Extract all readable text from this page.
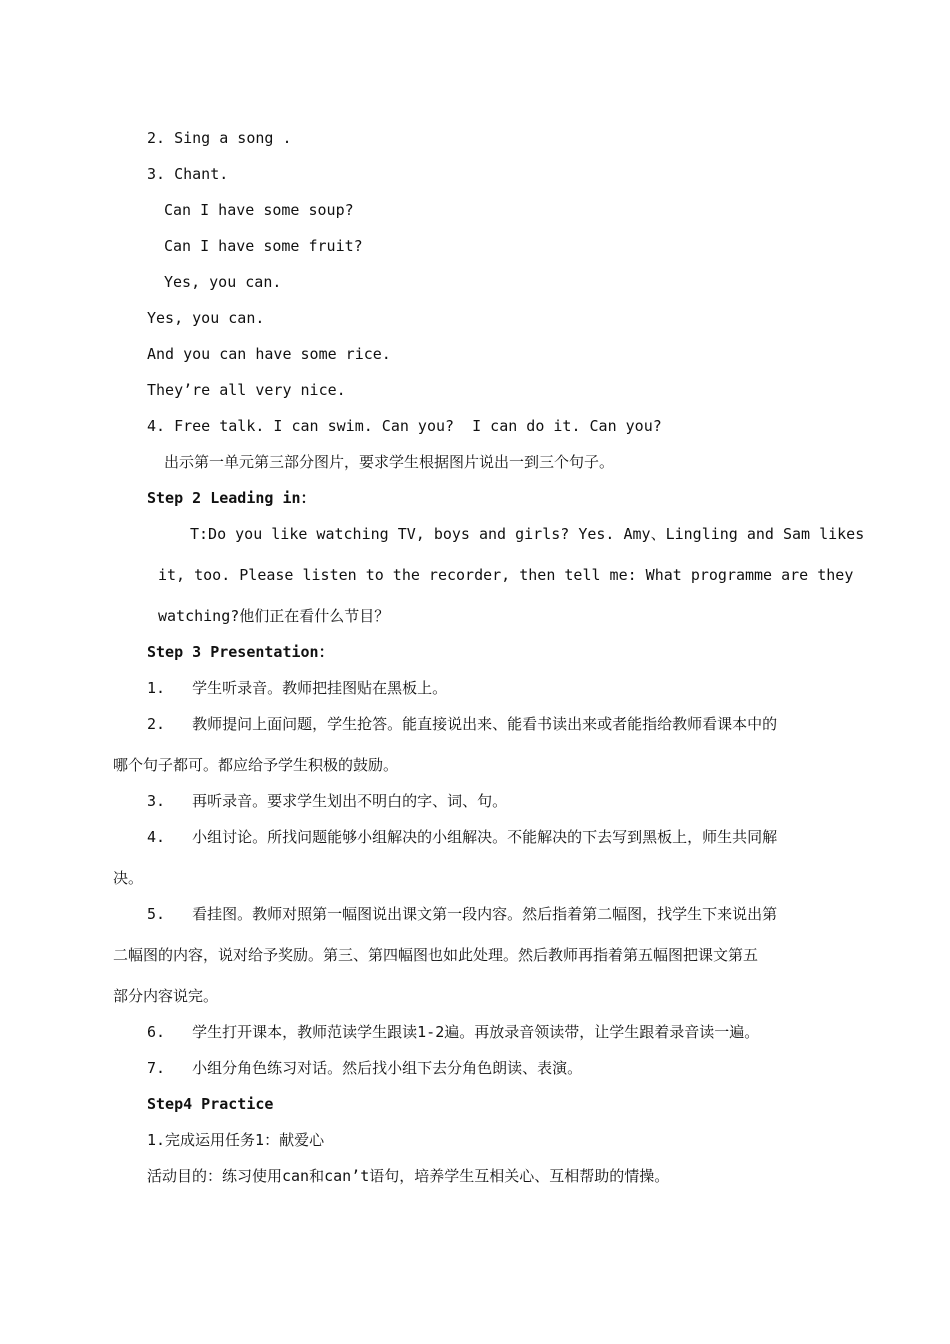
2. Sing a song .
3. Chant.
Can I have some soup?
Can I have some fruit?
Yes, you can.
Yes, you can.
And you can have some rice.
They’re all very nice.
4. Free talk. I can swim. Can you?  I can do it. Can you?
出示第一单元第三部分图片，要求学生根据图片说出一到三个句子。
Step 2 Leading in：
T:Do you like watching TV, boys and girls? Yes. Amy、Lingling and Sam likes
it, too. Please listen to the recorder, then tell me: What programme are they
watching?他们正在看什么节目？
Step 3 Presentation：
1.   学生听录音。教师把挂图贴在黑板上。
2.   教师提问上面问题，学生抢答。能直接说出来、能看书读出来或者能指给教师看课本中的
哪个句子都可。都应给予学生积极的鼓励。
3.   再听录音。要求学生划出不明白的字、词、句。
4.   小组讨论。所找问题能够小组解决的小组解决。不能解决的下去写到黑板上，师生共同解
决。
5.   看挂图。教师对照第一幅图说出课文第一段内容。然后指着第二幅图，找学生下来说出第
二幅图的内容，说对给予奖励。第三、第四幅图也如此处理。然后教师再指着第五幅图把课文第五
部分内容说完。
6.   学生打开课本，教师范读学生跟读1-2遍。再放录音领读带，让学生跟着录音读一遍。
7.   小组分角色练习对话。然后找小组下去分角色朗读、表演。
Step4 Practice
1.完成运用任务1：献爱心
活动目的：练习使用can和can’t语句，培养学生互相关心、互相帮助的情操。
